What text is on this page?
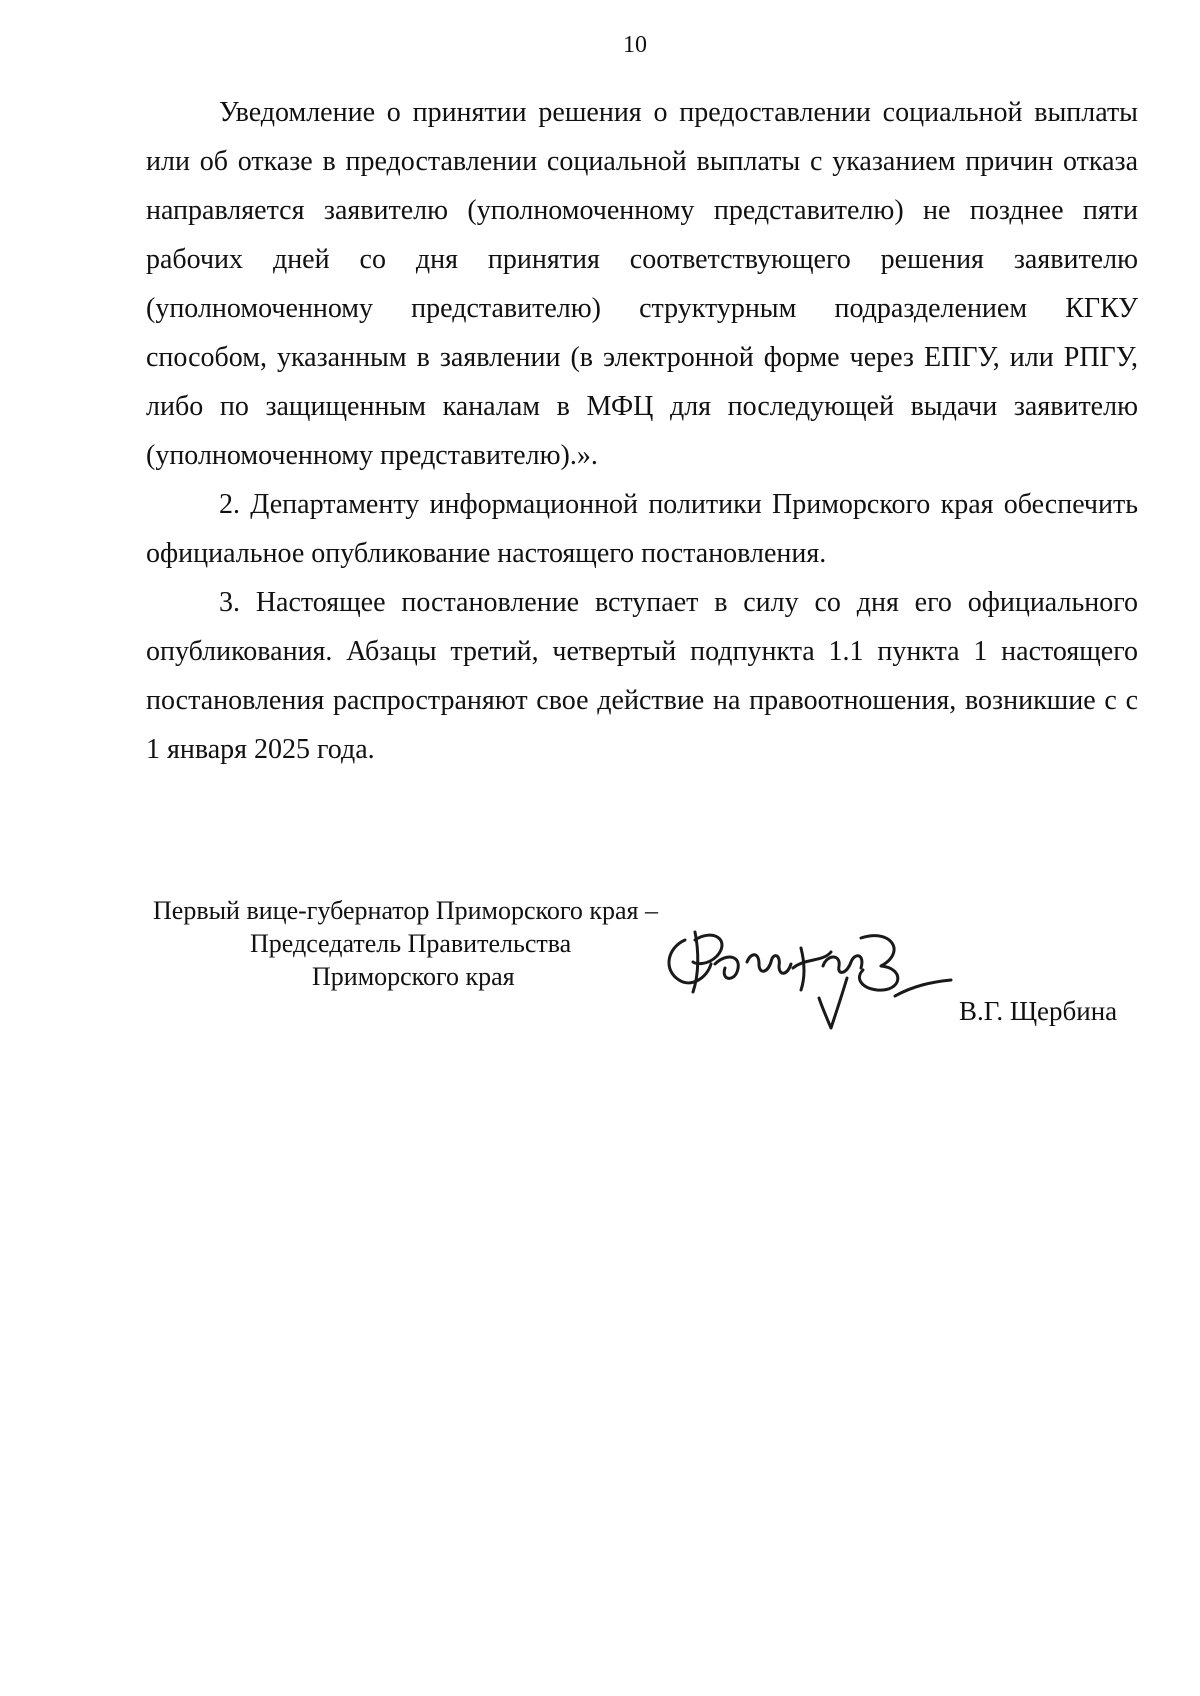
10

Уведомление о принятии решения о предоставлении социальной выплаты или об отказе в предоставлении социальной выплаты с указанием причин отказа направляется заявителю (уполномоченному представителю) не позднее пяти рабочих дней со дня принятия соответствующего решения заявителю (уполномоченному представителю) структурным подразделением КГКУ способом, указанным в заявлении (в электронной форме через ЕПГУ, или РПГУ, либо по защищенным каналам в МФЦ для последующей выдачи заявителю (уполномоченному представителю).».

2. Департаменту информационной политики Приморского края обеспечить официальное опубликование настоящего постановления.

3. Настоящее постановление вступает в силу со дня его официального опубликования. Абзацы третий, четвертый подпункта 1.1 пункта 1 настоящего постановления распространяют свое действие на правоотношения, возникшие с с 1 января 2025 года.

Первый вице-губернатор Приморского края –
Председатель Правительства
Приморского края
В.Г. Щербина
